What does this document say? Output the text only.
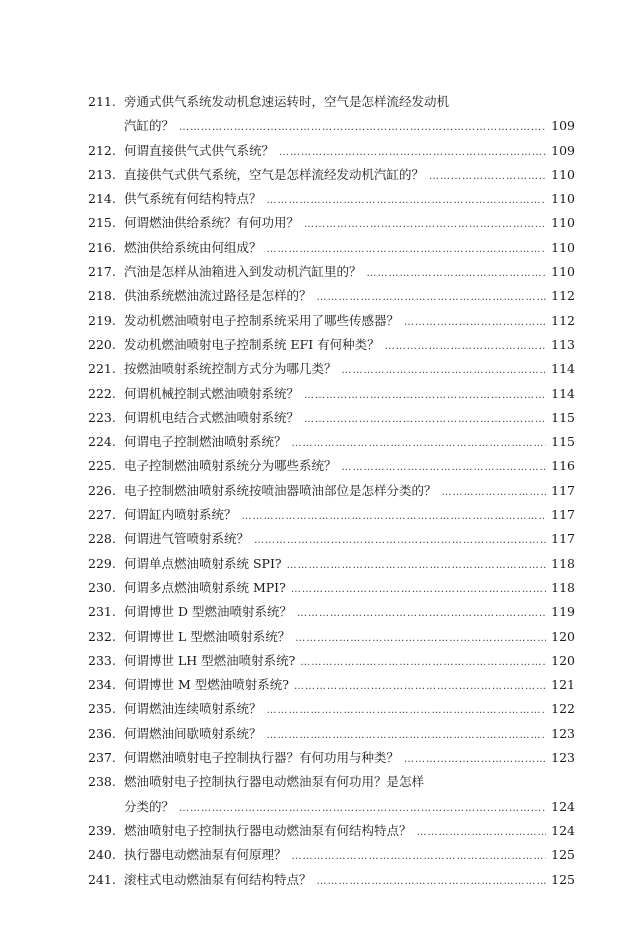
211. 旁通式供气系统发动机怠速运转时，空气是怎样流经发动机
汽缸的？ …………………………………………………………………………………………………………………………………………………	109
212. 何谓直接供气式供气系统？ …………………………………………………………………………………………………………………………………………………	109
213. 直接供气式供气系统，空气是怎样流经发动机汽缸的？ …………………………………………………………………………………………………………………………………………………	110
214. 供气系统有何结构特点？ …………………………………………………………………………………………………………………………………………………	110
215. 何谓燃油供给系统？有何功用？ …………………………………………………………………………………………………………………………………………………	110
216. 燃油供给系统由何组成？ …………………………………………………………………………………………………………………………………………………	110
217. 汽油是怎样从油箱进入到发动机汽缸里的？ …………………………………………………………………………………………………………………………………………………	110
218. 供油系统燃油流过路径是怎样的？ …………………………………………………………………………………………………………………………………………………	112
219. 发动机燃油喷射电子控制系统采用了哪些传感器？ …………………………………………………………………………………………………………………………………………………	112
220. 发动机燃油喷射电子控制系统 EFI 有何种类？ …………………………………………………………………………………………………………………………………………………	113
221. 按燃油喷射系统控制方式分为哪几类？ …………………………………………………………………………………………………………………………………………………	114
222. 何谓机械控制式燃油喷射系统？ …………………………………………………………………………………………………………………………………………………	114
223. 何谓机电结合式燃油喷射系统？ …………………………………………………………………………………………………………………………………………………	115
224. 何谓电子控制燃油喷射系统？ …………………………………………………………………………………………………………………………………………………	115
225. 电子控制燃油喷射系统分为哪些系统？ …………………………………………………………………………………………………………………………………………………	116
226. 电子控制燃油喷射系统按喷油器喷油部位是怎样分类的？ …………………………………………………………………………………………………………………………………………………	117
227. 何谓缸内喷射系统？ …………………………………………………………………………………………………………………………………………………	117
228. 何谓进气管喷射系统？ …………………………………………………………………………………………………………………………………………………	117
229. 何谓单点燃油喷射系统 SPI? …………………………………………………………………………………………………………………………………………………	118
230. 何谓多点燃油喷射系统 MPI? …………………………………………………………………………………………………………………………………………………	118
231. 何谓博世 D 型燃油喷射系统？ …………………………………………………………………………………………………………………………………………………	119
232. 何谓博世 L 型燃油喷射系统？ …………………………………………………………………………………………………………………………………………………	120
233. 何谓博世 LH 型燃油喷射系统? …………………………………………………………………………………………………………………………………………………	120
234. 何谓博世 M 型燃油喷射系统? …………………………………………………………………………………………………………………………………………………	121
235. 何谓燃油连续喷射系统？ …………………………………………………………………………………………………………………………………………………	122
236. 何谓燃油间歇喷射系统？ …………………………………………………………………………………………………………………………………………………	123
237. 何谓燃油喷射电子控制执行器？有何功用与种类？ …………………………………………………………………………………………………………………………………………………	123
238. 燃油喷射电子控制执行器电动燃油泵有何功用？是怎样
分类的？ …………………………………………………………………………………………………………………………………………………	124
239. 燃油喷射电子控制执行器电动燃油泵有何结构特点？ …………………………………………………………………………………………………………………………………………………	124
240. 执行器电动燃油泵有何原理？ …………………………………………………………………………………………………………………………………………………	125
241. 滚柱式电动燃油泵有何结构特点？ …………………………………………………………………………………………………………………………………………………	125
